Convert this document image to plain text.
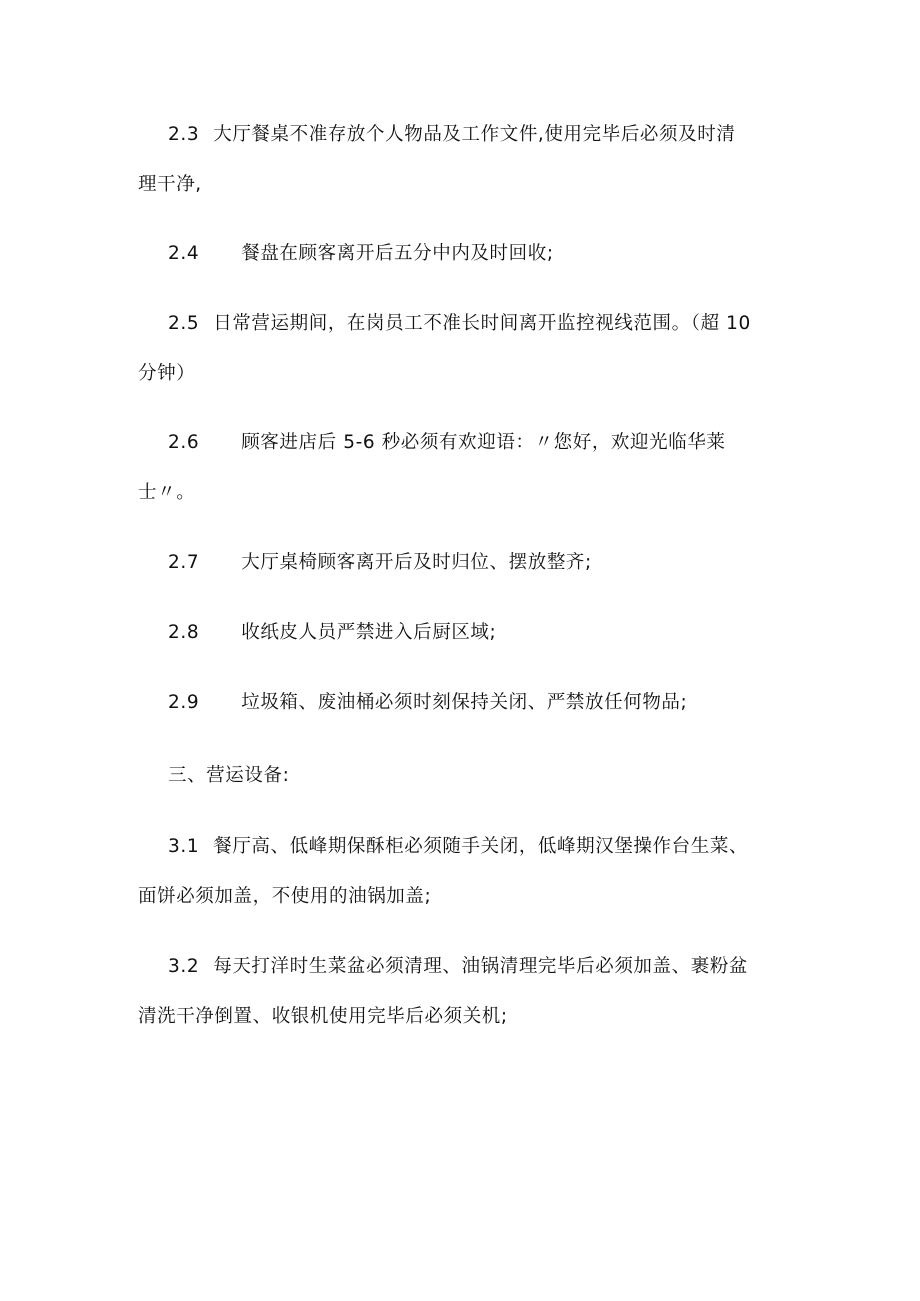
2.3 大厅餐桌不准存放个人物品及工作文件,使用完毕后必须及时清
理干净,
2.4 餐盘在顾客离开后五分中内及时回收;
2.5 日常营运期间，在岗员工不准长时间离开监控视线范围。（超 10
分钟）
2.6 顾客进店后 5-6 秒必须有欢迎语：〃您好，欢迎光临华莱
士〃。
2.7 大厅桌椅顾客离开后及时归位、摆放整齐;
2.8 收纸皮人员严禁进入后厨区域;
2.9 垃圾箱、废油桶必须时刻保持关闭、严禁放任何物品;
三、营运设备:
3.1 餐厅高、低峰期保酥柜必须随手关闭，低峰期汉堡操作台生菜、
面饼必须加盖，不使用的油锅加盖;
3.2 每天打洋时生菜盆必须清理、油锅清理完毕后必须加盖、裹粉盆
清洗干净倒置、收银机使用完毕后必须关机;
